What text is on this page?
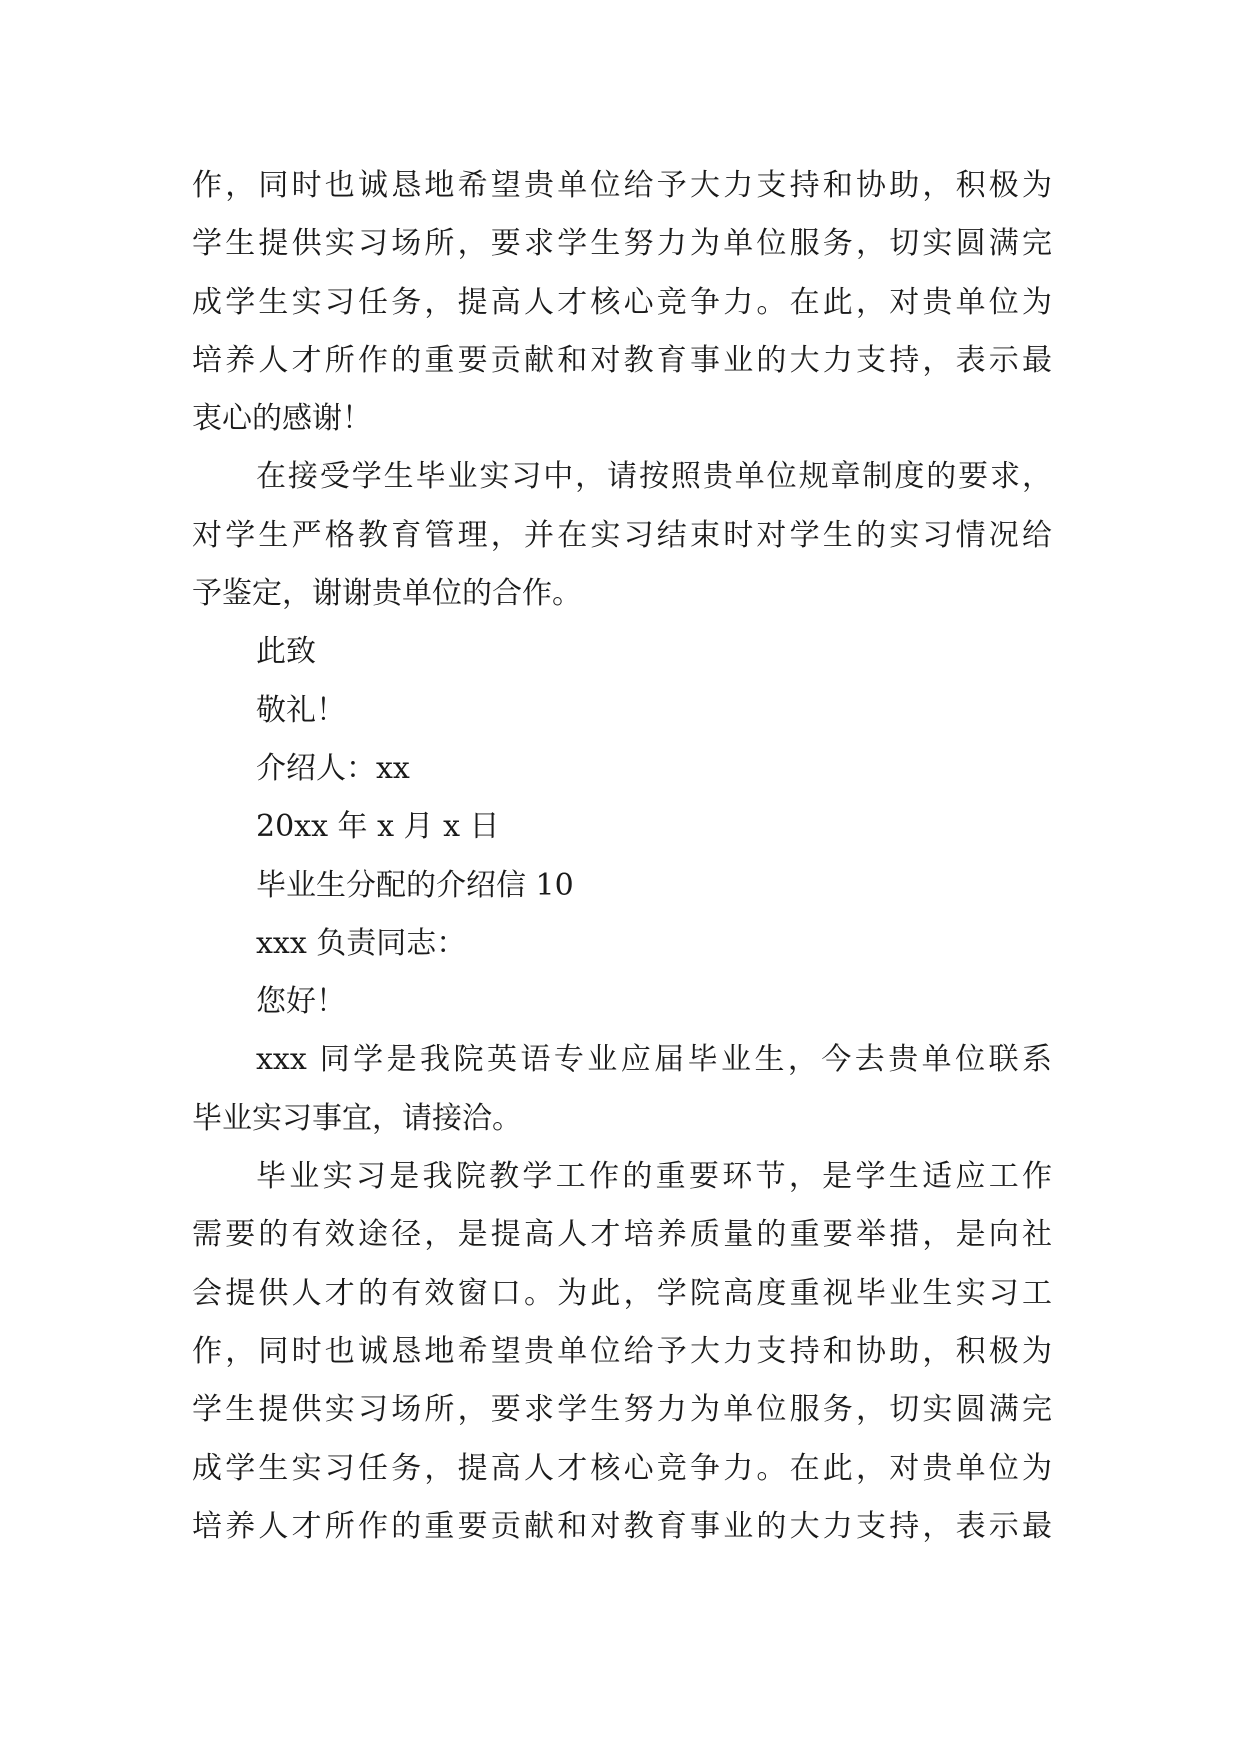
作，同时也诚恳地希望贵单位给予大力支持和协助，积极为
学生提供实习场所，要求学生努力为单位服务，切实圆满完
成学生实习任务，提高人才核心竞争力。在此，对贵单位为
培养人才所作的重要贡献和对教育事业的大力支持，表示最
衷心的感谢！
在接受学生毕业实习中，请按照贵单位规章制度的要求，
对学生严格教育管理，并在实习结束时对学生的实习情况给
予鉴定，谢谢贵单位的合作。
此致
敬礼！
介绍人：xx
20xx 年 x 月 x 日
毕业生分配的介绍信 10
xxx 负责同志：
您好！
xxx 同学是我院英语专业应届毕业生，今去贵单位联系
毕业实习事宜，请接洽。
毕业实习是我院教学工作的重要环节，是学生适应工作
需要的有效途径，是提高人才培养质量的重要举措，是向社
会提供人才的有效窗口。为此，学院高度重视毕业生实习工
作，同时也诚恳地希望贵单位给予大力支持和协助，积极为
学生提供实习场所，要求学生努力为单位服务，切实圆满完
成学生实习任务，提高人才核心竞争力。在此，对贵单位为
培养人才所作的重要贡献和对教育事业的大力支持，表示最
